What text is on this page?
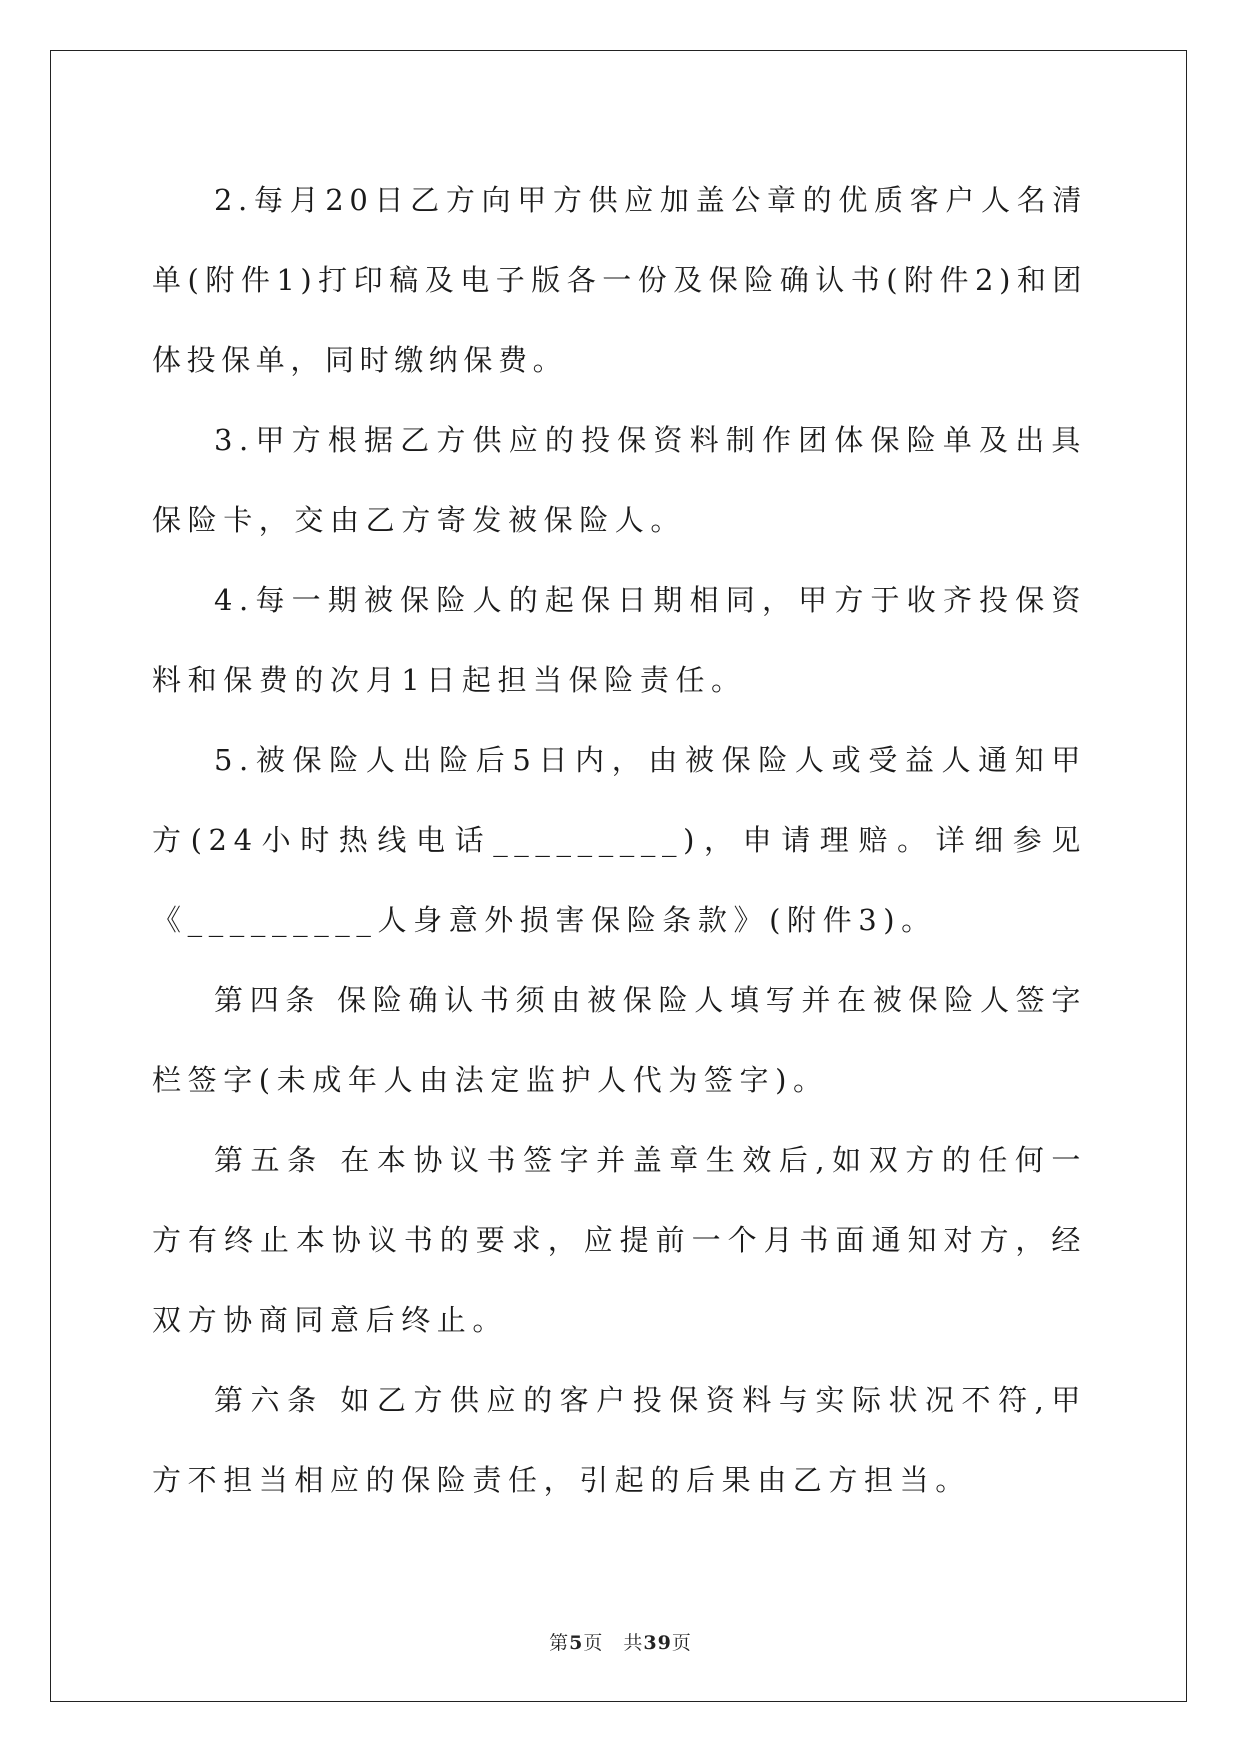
2.每月20日乙方向甲方供应加盖公章的优质客户人名清单(附件1)打印稿及电子版各一份及保险确认书(附件2)和团体投保单，同时缴纳保费。

3.甲方根据乙方供应的投保资料制作团体保险单及出具保险卡，交由乙方寄发被保险人。

4.每一期被保险人的起保日期相同，甲方于收齐投保资料和保费的次月1日起担当保险责任。

5.被保险人出险后5日内，由被保险人或受益人通知甲方(24小时热线电话_________)，申请理赔。详细参见《_________人身意外损害保险条款》(附件3)。

第四条 保险确认书须由被保险人填写并在被保险人签字栏签字(未成年人由法定监护人代为签字)。

第五条 在本协议书签字并盖章生效后,如双方的任何一方有终止本协议书的要求，应提前一个月书面通知对方，经双方协商同意后终止。

第六条 如乙方供应的客户投保资料与实际状况不符,甲方不担当相应的保险责任，引起的后果由乙方担当。

第5页 共39页
